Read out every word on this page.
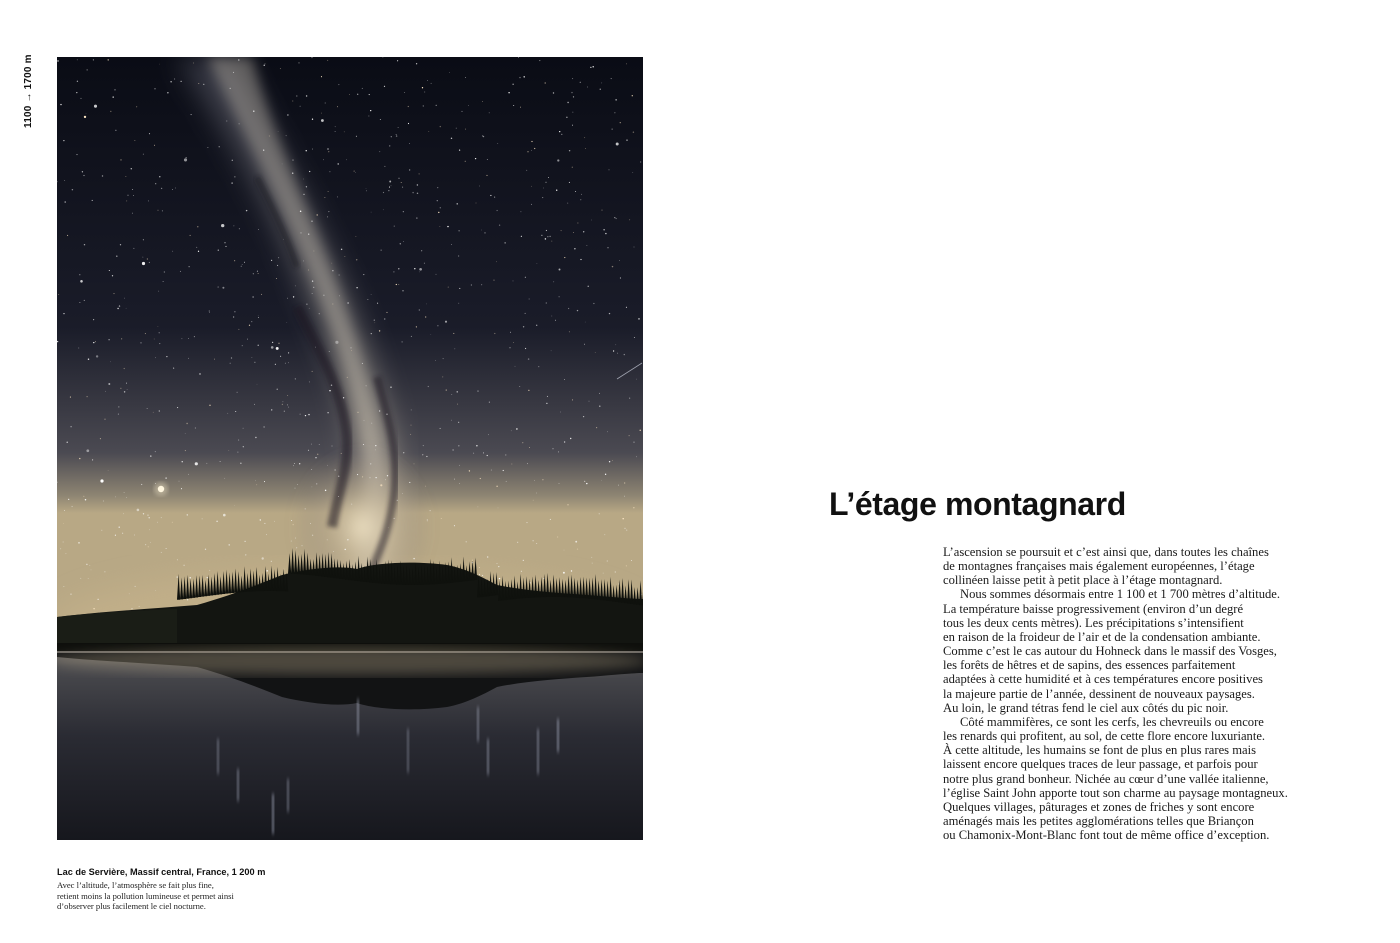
1100 → 1700 m
Lac de Servière, Massif central, France, 1 200 m
Avec l’altitude, l’atmosphère se fait plus fine,
retient moins la pollution lumineuse et permet ainsi
d’observer plus facilement le ciel nocturne.
L’étage montagnard
L’ascension se poursuit et c’est ainsi que, dans toutes les chaînes
de montagnes françaises mais également européennes, l’étage
collinéen laisse petit à petit place à l’étage montagnard.
Nous sommes désormais entre 1 100 et 1 700 mètres d’altitude.
La température baisse progressivement (environ d’un degré
tous les deux cents mètres). Les précipitations s’intensifient
en raison de la froideur de l’air et de la condensation ambiante.
Comme c’est le cas autour du Hohneck dans le massif des Vosges,
les forêts de hêtres et de sapins, des essences parfaitement
adaptées à cette humidité et à ces températures encore positives
la majeure partie de l’année, dessinent de nouveaux paysages.
Au loin, le grand tétras fend le ciel aux côtés du pic noir.
Côté mammifères, ce sont les cerfs, les chevreuils ou encore
les renards qui profitent, au sol, de cette flore encore luxuriante.
À cette altitude, les humains se font de plus en plus rares mais
laissent encore quelques traces de leur passage, et parfois pour
notre plus grand bonheur. Nichée au cœur d’une vallée italienne,
l’église Saint John apporte tout son charme au paysage montagneux.
Quelques villages, pâturages et zones de friches y sont encore
aménagés mais les petites agglomérations telles que Briançon
ou Chamonix-Mont-Blanc font tout de même office d’exception.
